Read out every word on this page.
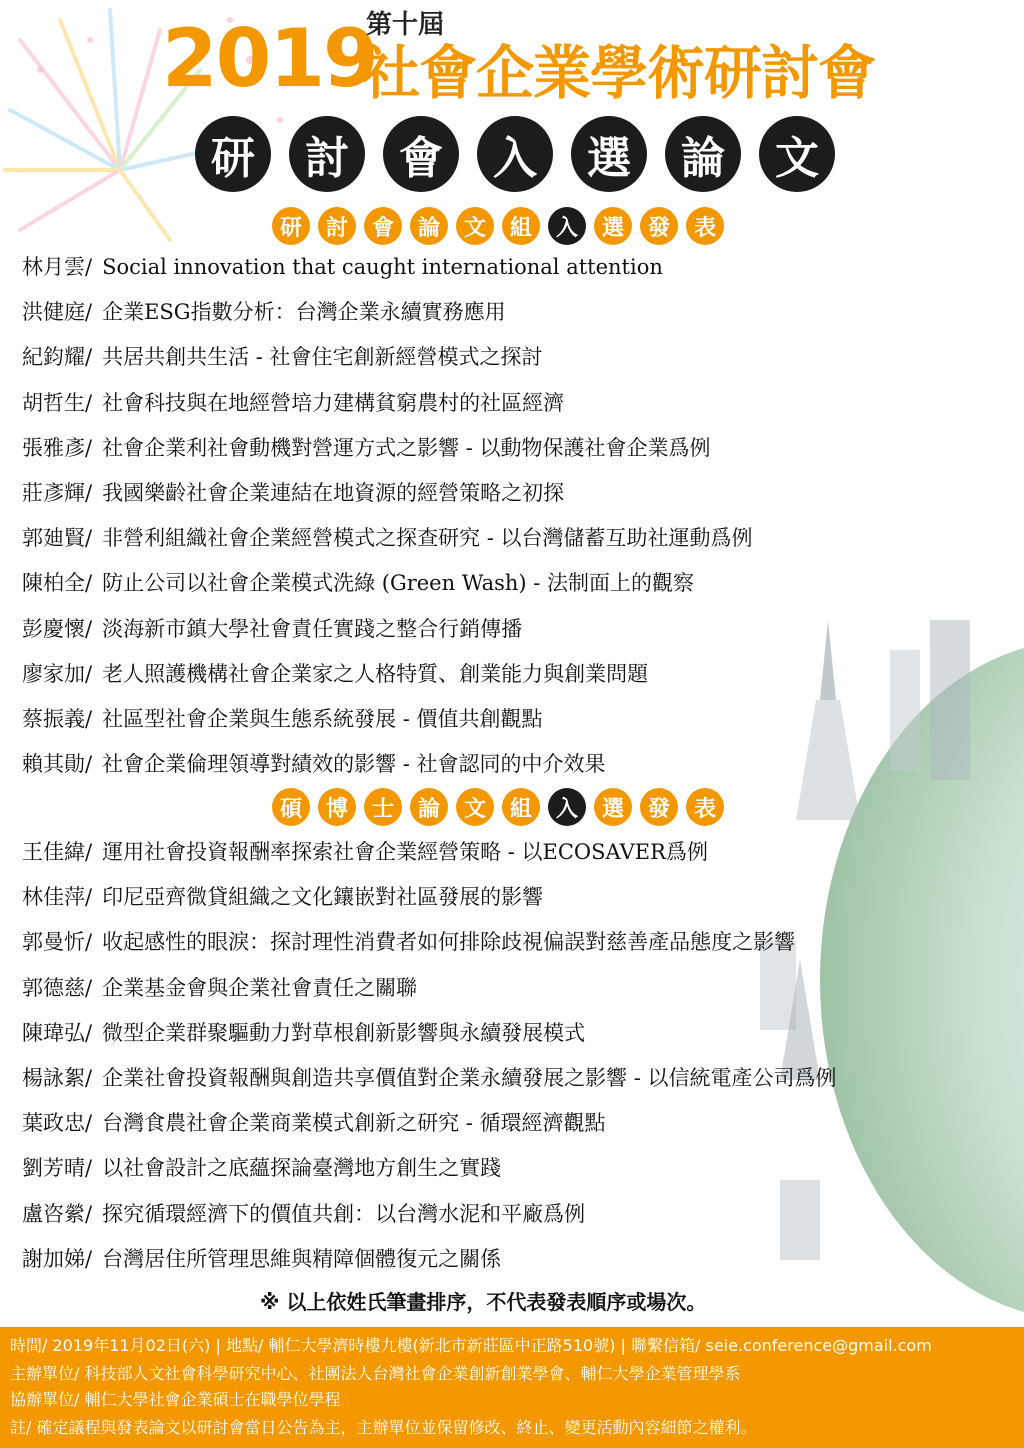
2019
第十屆
社會企業學術研討會
研	討	會	入	選	論	文
研	討	會	論	文	組	入	選	發	表
林月雲/ Social innovation that caught international attention
洪健庭/ 企業ESG指數分析：台灣企業永續實務應用
紀鈞耀/ 共居共創共生活 - 社會住宅創新經營模式之探討
胡哲生/ 社會科技與在地經營培力建構貧窮農村的社區經濟
張雅彥/ 社會企業利社會動機對營運方式之影響 - 以動物保護社會企業爲例
莊彥輝/ 我國樂齡社會企業連結在地資源的經營策略之初探
郭廸賢/ 非營利組織社會企業經營模式之探查研究 - 以台灣儲蓄互助社運動爲例
陳柏全/ 防止公司以社會企業模式洗綠 (Green Wash) - 法制面上的觀察
彭慶懷/ 淡海新市鎮大學社會責任實踐之整合行銷傳播
廖家加/ 老人照護機構社會企業家之人格特質、創業能力與創業問題
蔡振義/ 社區型社會企業與生態系統發展 - 價值共創觀點
賴其勛/ 社會企業倫理領導對績效的影響 - 社會認同的中介效果
碩	博	士	論	文	組	入	選	發	表
王佳緯/ 運用社會投資報酬率探索社會企業經營策略 - 以ECOSAVER爲例
林佳萍/ 印尼亞齊微貸組織之文化鑲嵌對社區發展的影響
郭曼忻/ 收起感性的眼淚：探討理性消費者如何排除歧視偏誤對慈善產品態度之影響
郭德慈/ 企業基金會與企業社會責任之關聯
陳瑋弘/ 微型企業群聚驅動力對草根創新影響與永續發展模式
楊詠絮/ 企業社會投資報酬與創造共享價值對企業永續發展之影響 - 以信統電產公司爲例
葉政忠/ 台灣食農社會企業商業模式創新之研究 - 循環經濟觀點
劉芳晴/ 以社會設計之底蘊探論臺灣地方創生之實踐
盧咨縈/ 探究循環經濟下的價值共創：以台灣水泥和平廠爲例
謝加娣/ 台灣居住所管理思維與精障個體復元之關係
※ 以上依姓氏筆畫排序，不代表發表順序或場次。
時間/ 2019年11月02日(六) | 地點/ 輔仁大學濟時樓九樓(新北市新莊區中正路510號) | 聯繫信箱/ seie.conference@gmail.com
主辦單位/ 科技部人文社會科學研究中心、社團法人台灣社會企業創新創業學會、輔仁大學企業管理學系
協辦單位/ 輔仁大學社會企業碩士在職學位學程
註/ 確定議程與發表論文以研討會當日公告為主，主辦單位並保留修改、終止、變更活動內容細節之權利。
